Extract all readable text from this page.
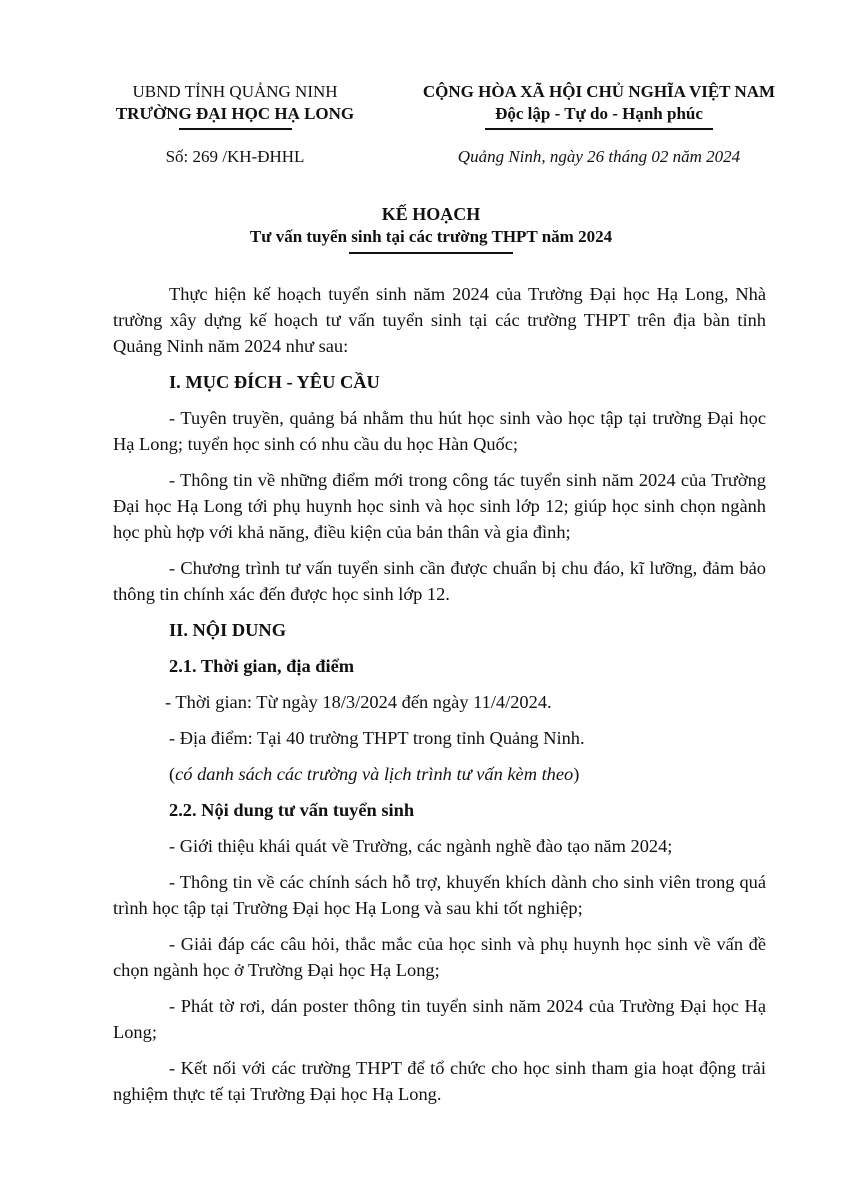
UBND TỈNH QUẢNG NINH
TRƯỜNG ĐẠI HỌC HẠ LONG
CỘNG HÒA XÃ HỘI CHỦ NGHĨA VIỆT NAM
Độc lập - Tự do - Hạnh phúc
Số: 269 /KH-ĐHHL	Quảng Ninh, ngày 26 tháng 02 năm 2024
KẾ HOẠCH
Tư vấn tuyển sinh tại các trường THPT năm 2024

Thực hiện kế hoạch tuyển sinh năm 2024 của Trường Đại học Hạ Long, Nhà trường xây dựng kế hoạch tư vấn tuyển sinh tại các trường THPT trên địa bàn tỉnh Quảng Ninh năm 2024 như sau:

I. MỤC ĐÍCH - YÊU CẦU

- Tuyên truyền, quảng bá nhằm thu hút học sinh vào học tập tại trường Đại học Hạ Long; tuyển học sinh có nhu cầu du học Hàn Quốc;

- Thông tin về những điểm mới trong công tác tuyển sinh năm 2024 của Trường Đại học Hạ Long tới phụ huynh học sinh và học sinh lớp 12; giúp học sinh chọn ngành học phù hợp với khả năng, điều kiện của bản thân và gia đình;

- Chương trình tư vấn tuyển sinh cần được chuẩn bị chu đáo, kĩ lưỡng, đảm bảo thông tin chính xác đến được học sinh lớp 12.

II. NỘI DUNG

2.1. Thời gian, địa điểm

- Thời gian: Từ ngày 18/3/2024 đến ngày 11/4/2024.

- Địa điểm: Tại 40 trường THPT trong tỉnh Quảng Ninh.

(có danh sách các trường và lịch trình tư vấn kèm theo)

2.2. Nội dung tư vấn tuyển sinh

- Giới thiệu khái quát về Trường, các ngành nghề đào tạo năm 2024;

- Thông tin về các chính sách hỗ trợ, khuyến khích dành cho sinh viên trong quá trình học tập tại Trường Đại học Hạ Long và sau khi tốt nghiệp;

- Giải đáp các câu hỏi, thắc mắc của học sinh và phụ huynh học sinh về vấn đề chọn ngành học ở Trường Đại học Hạ Long;

- Phát tờ rơi, dán poster thông tin tuyển sinh năm 2024 của Trường Đại học Hạ Long;

- Kết nối với các trường THPT để tổ chức cho học sinh tham gia hoạt động trải nghiệm thực tế tại Trường Đại học Hạ Long.
